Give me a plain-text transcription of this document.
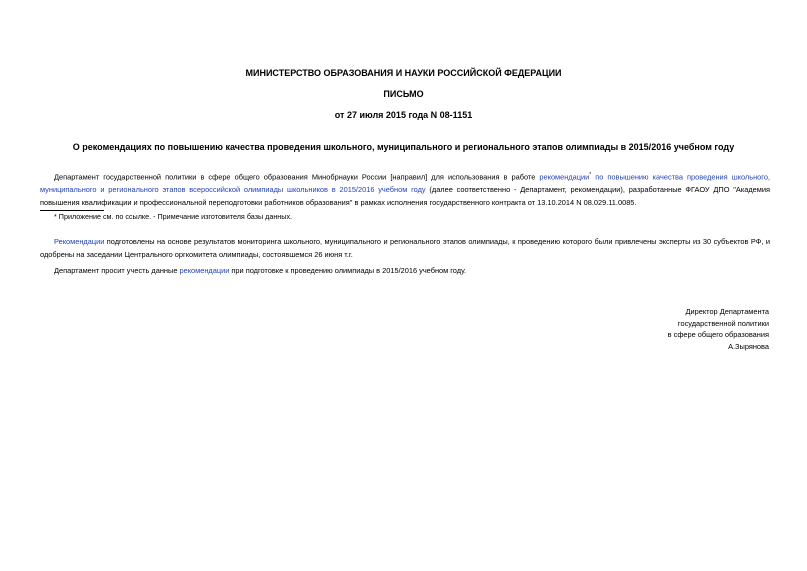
МИНИСТЕРСТВО ОБРАЗОВАНИЯ И НАУКИ РОССИЙСКОЙ ФЕДЕРАЦИИ
ПИСЬМО
от 27 июля 2015 года N 08-1151
О рекомендациях по повышению качества проведения школьного, муниципального и регионального этапов олимпиады в 2015/2016 учебном году
Департамент государственной политики в сфере общего образования Минобрнауки России [направил] для использования в работе рекомендации* по повышению качества проведения школьного, муниципального и регионального этапов всероссийской олимпиады школьников в 2015/2016 учебном году (далее соответственно - Департамент, рекомендации), разработанные ФГАОУ ДПО "Академия повышения квалификации и профессиональной переподготовки работников образования" в рамках исполнения государственного контракта от 13.10.2014 N 08.029.11.0085.
* Приложение см. по ссылке. - Примечание изготовителя базы данных.
Рекомендации подготовлены на основе результатов мониторинга школьного, муниципального и регионального этапов олимпиады, к проведению которого были привлечены эксперты из 30 субъектов РФ, и одобрены на заседании Центрального оргкомитета олимпиады, состоявшемся 26 июня т.г.
Департамент просит учесть данные рекомендации при подготовке к проведению олимпиады в 2015/2016 учебном году.
Директор Департамента
государственной политики
в сфере общего образования
А.Зырянова
